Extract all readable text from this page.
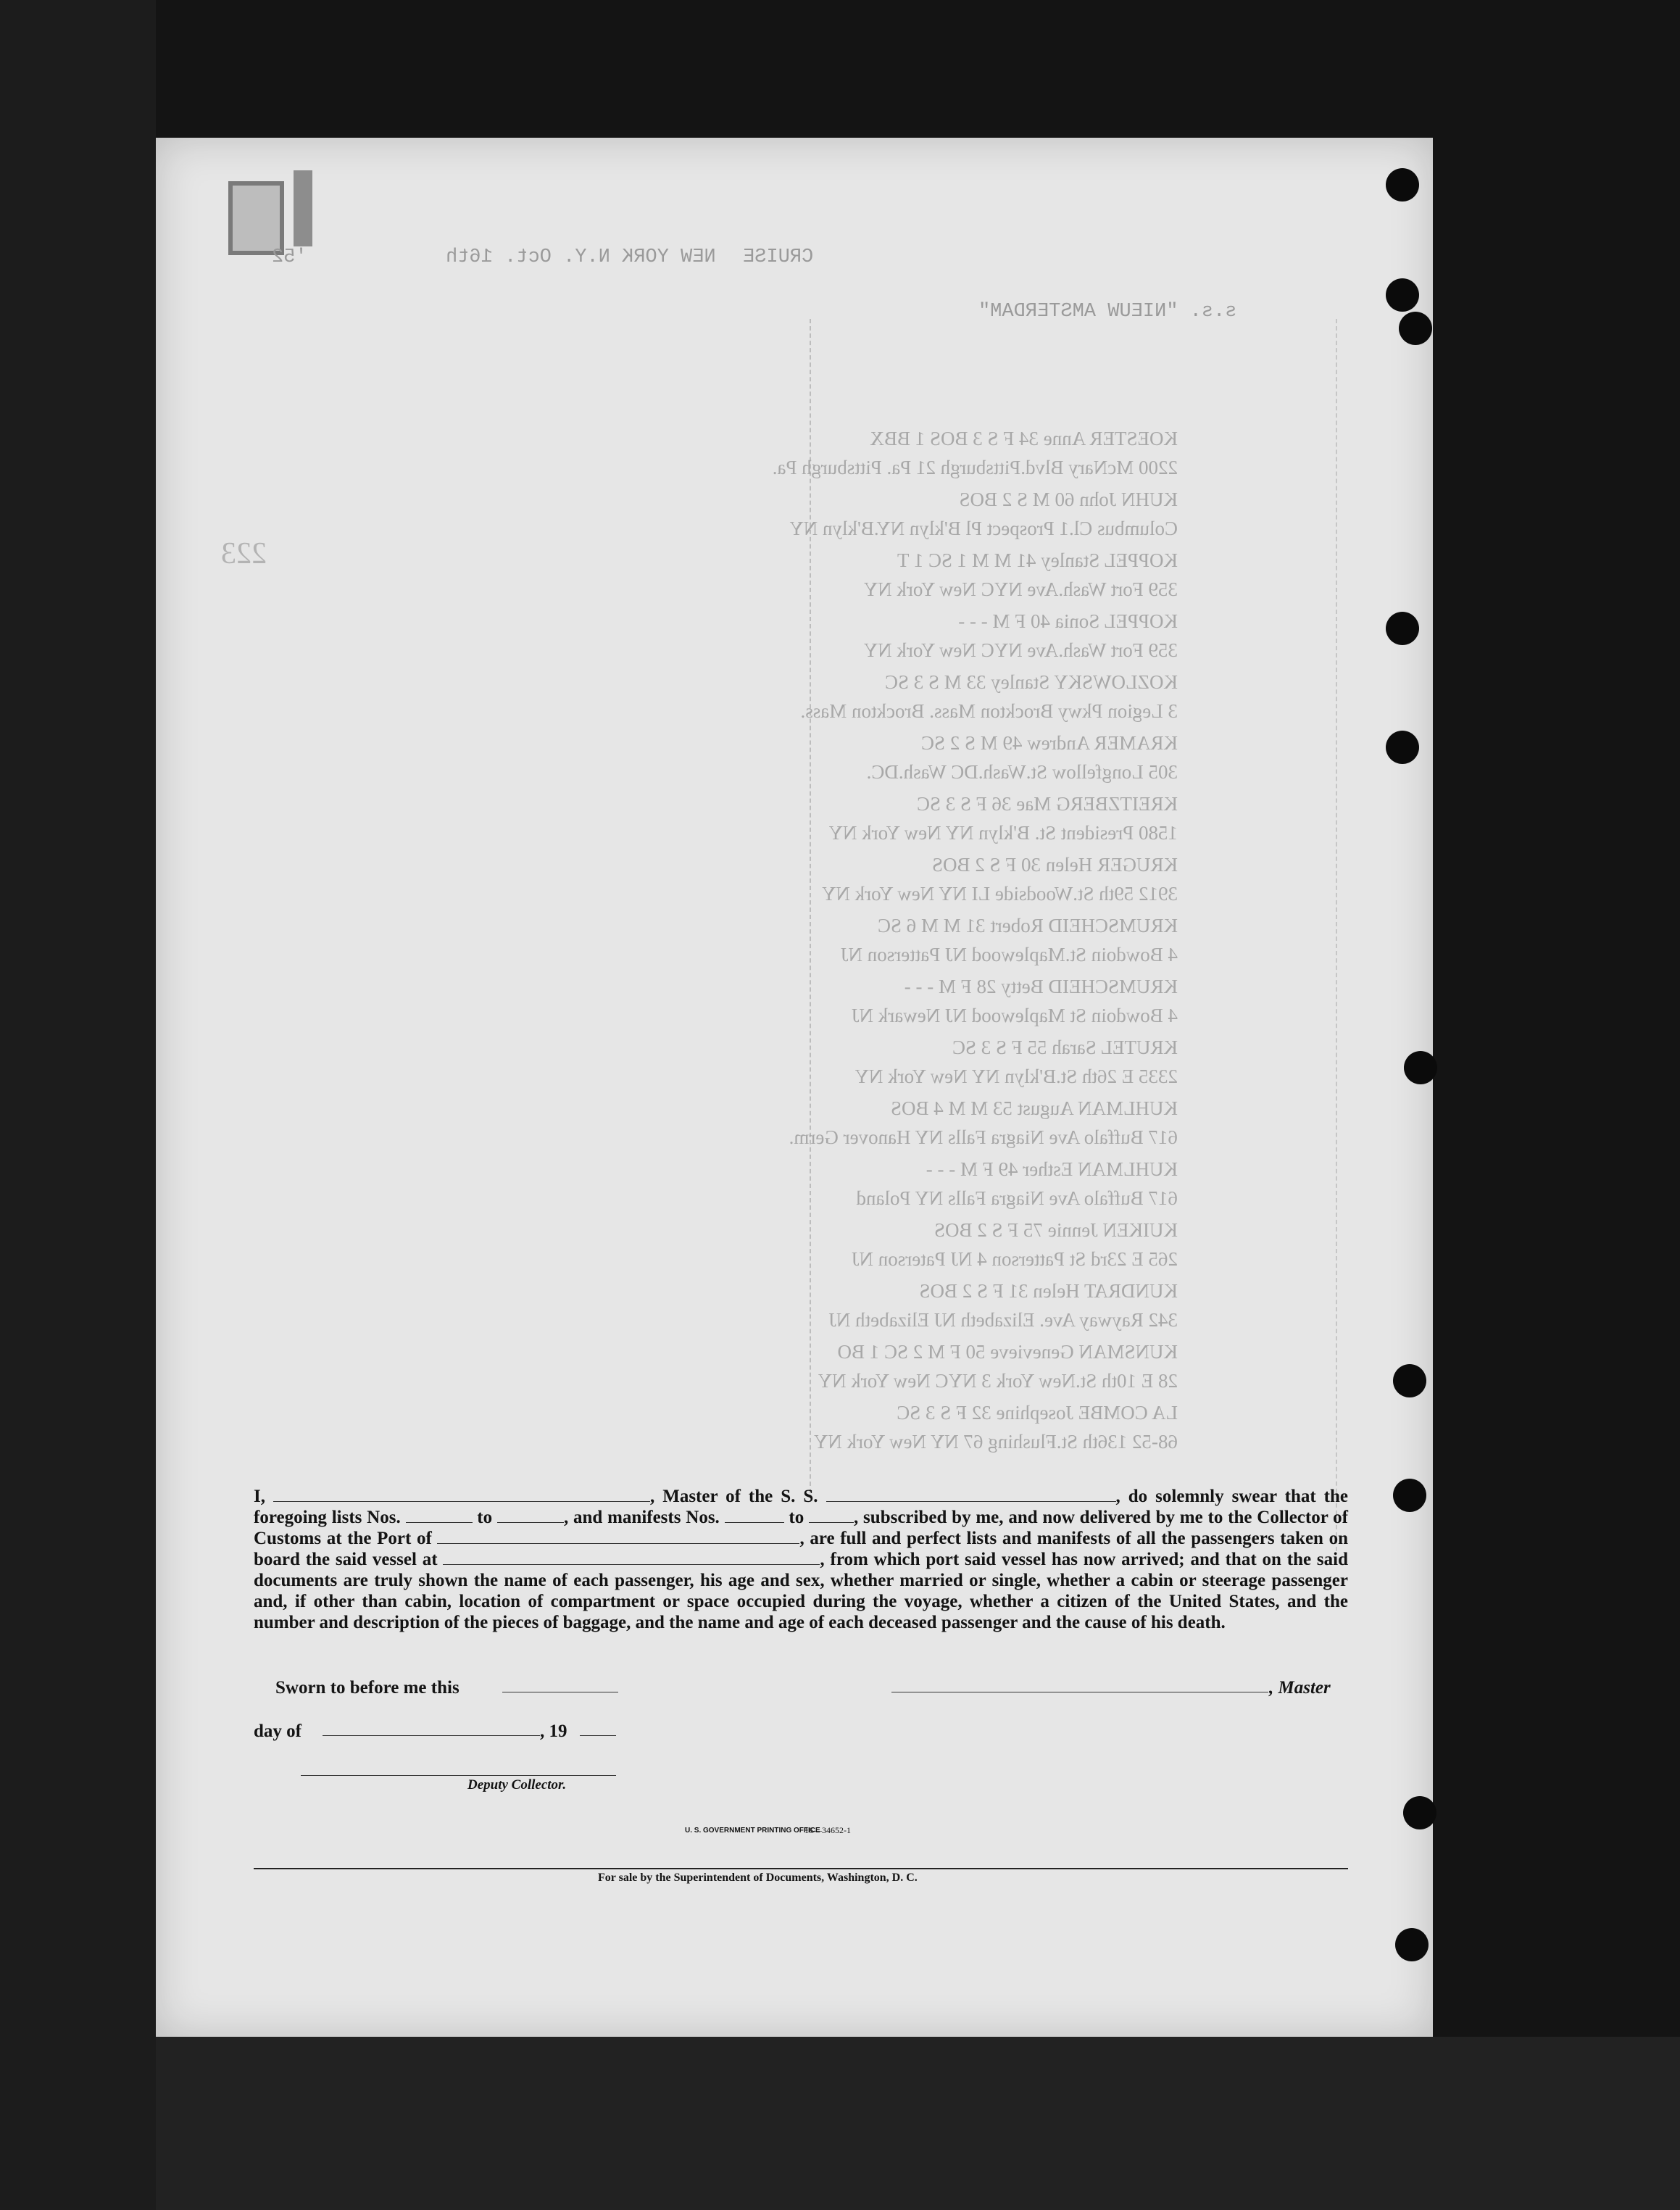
CRUISE
NEW YORK N.Y. Oct. 16th
'52
s.s. "NIEUW AMSTERDAM"
223
KOESTER Anne 34 F S 3 BOS 1 BBX
2200 McNary Blvd.Pittsburgh 21 Pa. Pittsburgh Pa.
KUHN John 60 M S 2 BOS
Columbus Cl.1 Prospect Pl B'klyn NY.B'klyn NY
KOPPEL Stanley 41 M M 1 SC 1 T
359 Fort Wash.Ave NYC New York NY
KOPPEL Sonia 40 F M - - -
359 Fort Wash.Ave NYC New York NY
KOZLOWSKY Stanley 33 M S 3 SC
3 Legion Pkwy Brockton Mass. Brockton Mass.
KRAMER Andrew 49 M S 2 SC
305 Longfellow St.Wash.DC Wash.DC.
KREITZBERG Mae 36 F S 3 SC
1580 President St. B'klyn NY New York NY
KRUGER Helen 30 F S 2 BOS
3912 59th St.Woodside LI NY New York NY
KRUMSCHEID Robert 31 M M 6 SC
4 Bowdoin St.Maplewood NJ Patterson NJ
KRUMSCHEID Betty 28 F M - - -
4 Bowdoin St Maplewood NJ Newark NJ
KRUTEL Sarah 55 F S 3 SC
2335 E 26th St.B'klyn NY New York NY
KUHLMAN August 53 M M 4 BOS
617 Buffalo Ave Niagra Falls NY Hanover Germ.
KUHLMAN Esther 49 F M - - -
617 Buffalo Ave Niagra Falls NY Poland
KUIKEN Jennie 75 F S 2 BOS
265 E 23rd St Patterson 4 NJ Paterson NJ
KUNDRAT Helen 31 F S 2 BOS
342 Rayway Ave. Elizabeth NJ Elizabeth NJ
KUNSMAN Genevieve 50 F M 2 SC 1 BO
28 E 10th St.New York 3 NYC New York NY
LA COMBE Josephine 32 F S 3 SC
68-52 136th St.Flushing 67 NY New York NY
I,	, Master of the S. S.	, do solemnly swear that the foregoing lists Nos.	to	, and manifests Nos.	to , subscribed by me, and now delivered by me to the Collector of Customs at the Port of	, are full and perfect lists and manifests of all the passengers taken on board the said vessel at	, from which port said vessel has now arrived; and that on the said documents are truly shown the name of each passenger, his age and sex, whether married or single, whether a cabin or steerage passenger and, if other than cabin, location of compartment or space occupied during the voyage, whether a citizen of the United States, and the number and description of the pieces of baggage, and the name and age of each deceased passenger and the cause of his death.
Sworn to before me this	, Master
day of	, 19
Deputy Collector.
U. S. GOVERNMENT PRINTING OFFICE
16—34652-1
For sale by the Superintendent of Documents, Washington, D. C.
